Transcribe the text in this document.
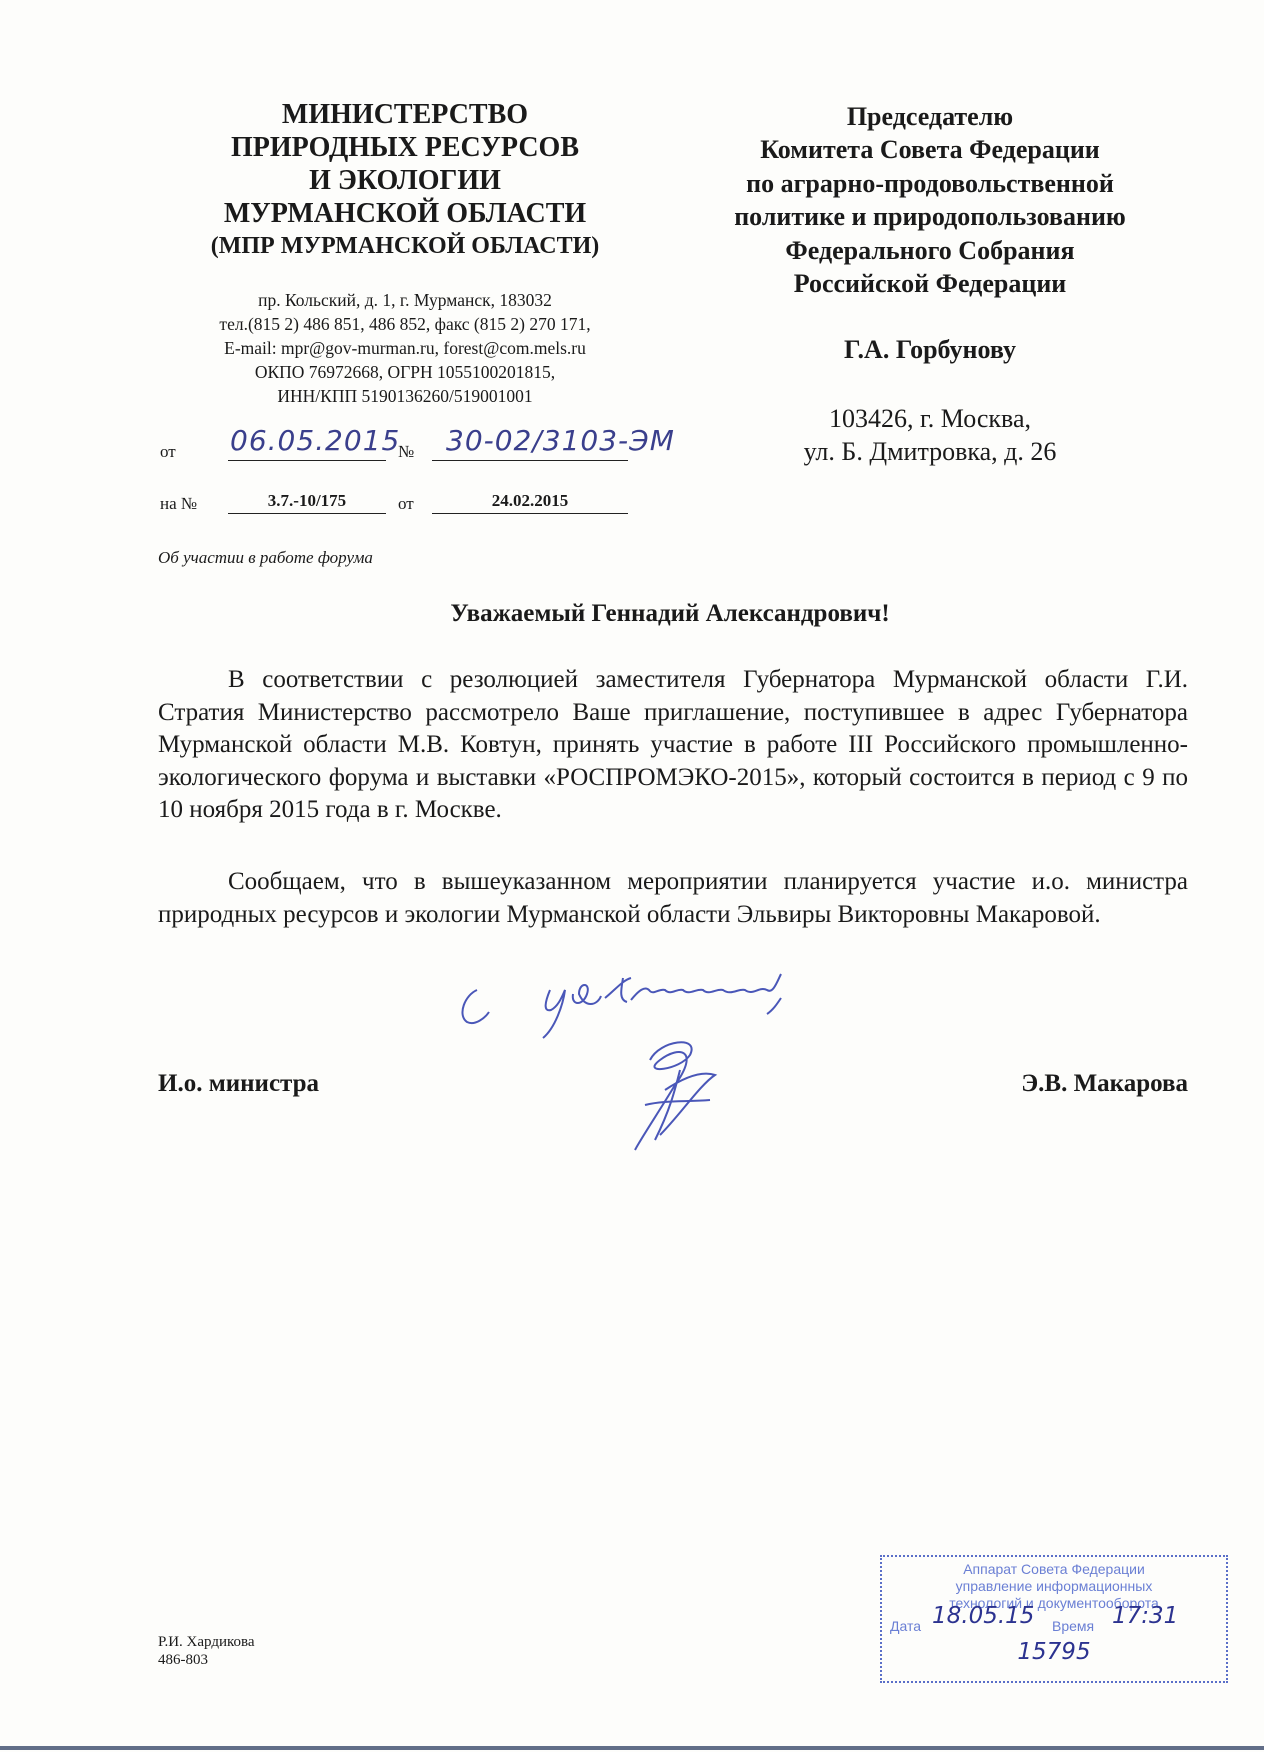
МИНИСТЕРСТВО
ПРИРОДНЫХ РЕСУРСОВ
И ЭКОЛОГИИ
МУРМАНСКОЙ ОБЛАСТИ
(МПР МУРМАНСКОЙ ОБЛАСТИ)
пр. Кольский, д. 1, г. Мурманск, 183032
тел.(815 2) 486 851, 486 852, факс (815 2) 270 171,
E-mail: mpr@gov-murman.ru, forest@com.mels.ru
ОКПО 76972668, ОГРН 1055100201815,
ИНН/КПП 5190136260/519001001
Председателю
Комитета Совета Федерации
по аграрно-продовольственной
политике и природопользованию
Федерального Собрания
Российской Федерации
Г.А. Горбунову
103426, г. Москва,
ул. Б. Дмитровка, д. 26
от 06.05.2015
№ 30-02/3103-ЭМ
на №	3.7.-10/175	от	24.02.2015
Об участии в работе форума
Уважаемый Геннадий Александрович!
В соответствии с резолюцией заместителя Губернатора Мурманской области Г.И. Стратия Министерство рассмотрело Ваше приглашение, поступившее в адрес Губернатора Мурманской области М.В. Ковтун, принять участие в работе III Российского промышленно-экологического форума и выставки «РОСПРОМЭКО-2015», который состоится в период с 9 по 10 ноября 2015 года в г. Москве.
Сообщаем, что в вышеуказанном мероприятии планируется участие и.о. министра природных ресурсов и экологии Мурманской области Эльвиры Викторовны Макаровой.
И.о. министра	Э.В. Макарова
Р.И. Хардикова
486-803
Аппарат Совета Федерации
управление информационных
технологий и документооборота
Дата 18.05.15 Время 17:31
15795
